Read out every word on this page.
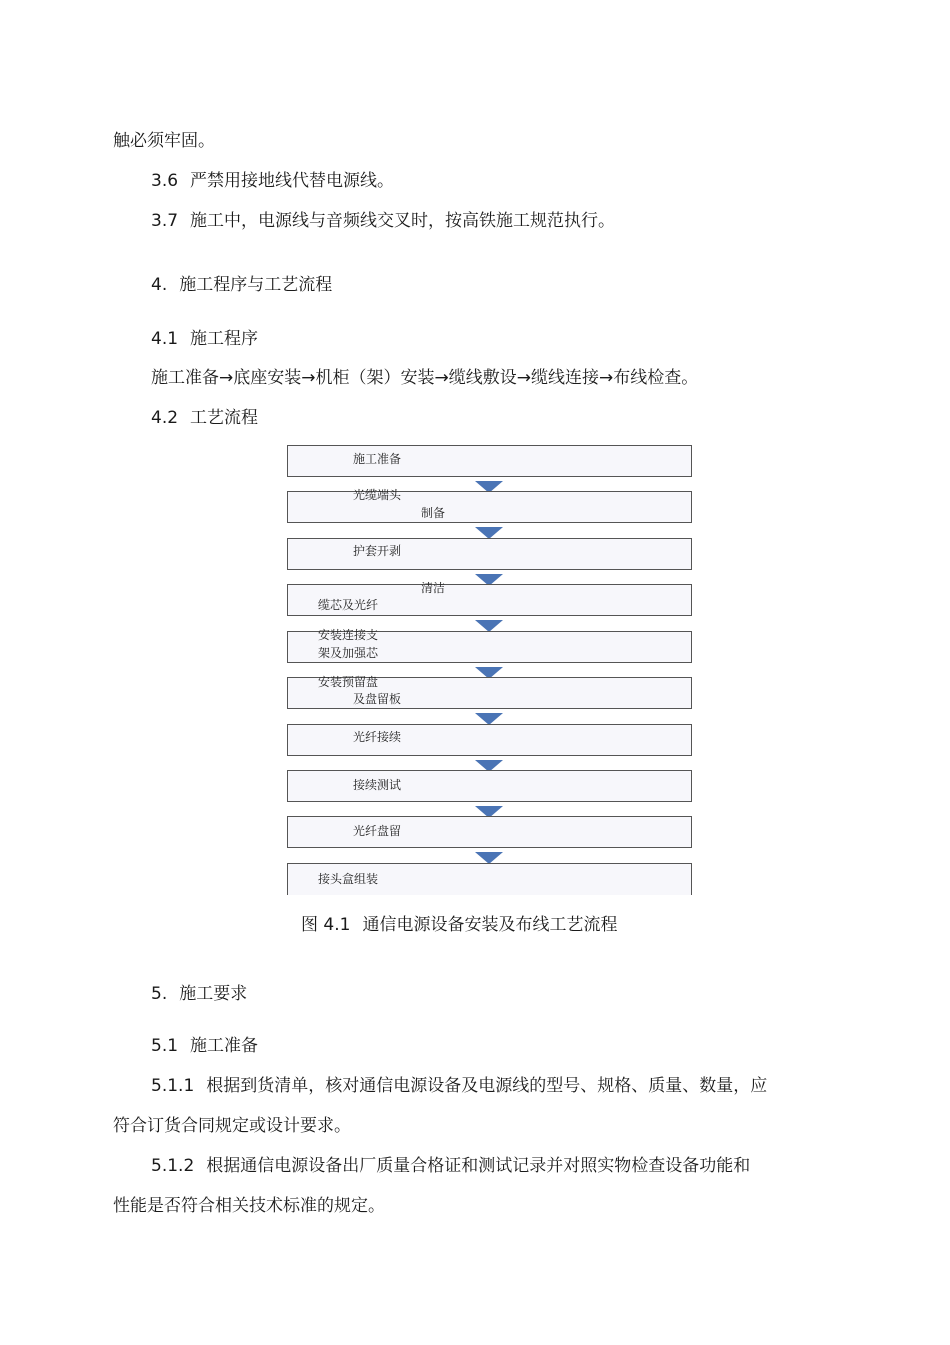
触必须牢固。
3.6 严禁用接地线代替电源线。
3.7 施工中，电源线与音频线交叉时，按高铁施工规范执行。
4. 施工程序与工艺流程
4.1 施工程序
施工准备→底座安装→机柜（架）安装→缆线敷设→缆线连接→布线检查。
4.2 工艺流程
施工准备
光缆端头
制备
护套开剥
清洁
缆芯及光纤
安装连接支
架及加强芯
安装预留盘
及盘留板
光纤接续
接续测试
光纤盘留
接头盒组装
图 4.1 通信电源设备安装及布线工艺流程
5. 施工要求
5.1 施工准备
5.1.1 根据到货清单，核对通信电源设备及电源线的型号、规格、质量、数量，应
符合订货合同规定或设计要求。
5.1.2 根据通信电源设备出厂质量合格证和测试记录并对照实物检查设备功能和
性能是否符合相关技术标准的规定。
